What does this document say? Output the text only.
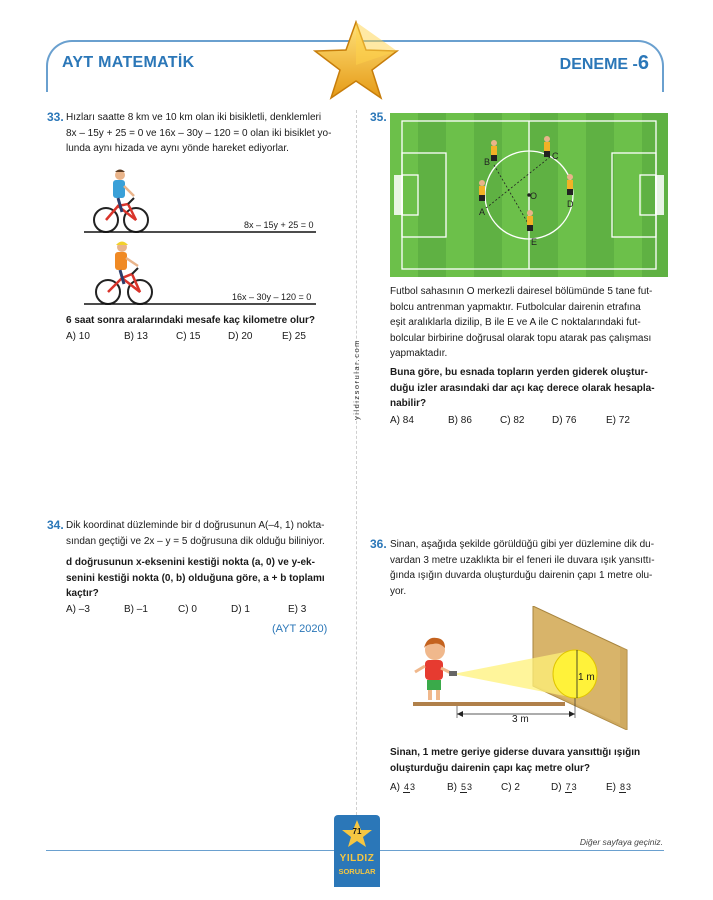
AYT MATEMATİK	DENEME -6
yildizsorular.com
33. Hızları saatte 8 km ve 10 km olan iki bisikletli, denklemleri
8x – 15y + 25 = 0 ve 16x – 30y – 120 = 0 olan iki bisiklet yo-
lunda aynı hizada ve aynı yönde hareket ediyorlar.
8x – 15y + 25 = 0
16x – 30y – 120 = 0
6 saat sonra aralarındaki mesafe kaç kilometre olur?
A) 10	B) 13	C) 15	D) 20	E) 25
34. Dik koordinat düzleminde bir d doğrusunun A(–4, 1) nokta-
sından geçtiği ve 2x – y = 5 doğrusuna dik olduğu biliniyor.
d doğrusunun x-eksenini kestiği nokta (a, 0) ve y-ek-
senini kestiği nokta (0, b) olduğuna göre, a + b toplamı
kaçtır?
A) –3	B) –1	C) 0	D) 1	E) 3
(AYT 2020)
35.
B
C
O
A
D
E
Futbol sahasının O merkezli dairesel bölümünde 5 tane fut-
bolcu antrenman yapmaktır. Futbolcular dairenin etrafına
eşit aralıklarla dizilip, B ile E ve A ile C noktalarındaki fut-
bolcular birbirine doğrusal olarak topu atarak pas çalışması
yapmaktadır.
Buna göre, bu esnada topların yerden giderek oluştur-
duğu izler arasındaki dar açı kaç derece olarak hesapla-
nabilir?
A) 84	B) 86	C) 82	D) 76	E) 72
36. Sinan, aşağıda şekilde görüldüğü gibi yer düzlemine dik du-
vardan 3 metre uzaklıkta bir el feneri ile duvara ışık yansıttı-
ğında ışığın duvarda oluşturduğu dairenin çapı 1 metre olu-
yor.
1 m
3 m
Sinan, 1 metre geriye giderse duvara yansıttığı ışığın
oluşturduğu dairenin çapı kaç metre olur?
A) 43	B) 53	C) 2	D) 73	E) 83
71
YILDIZ
SORULAR
Diğer sayfaya geçiniz.
